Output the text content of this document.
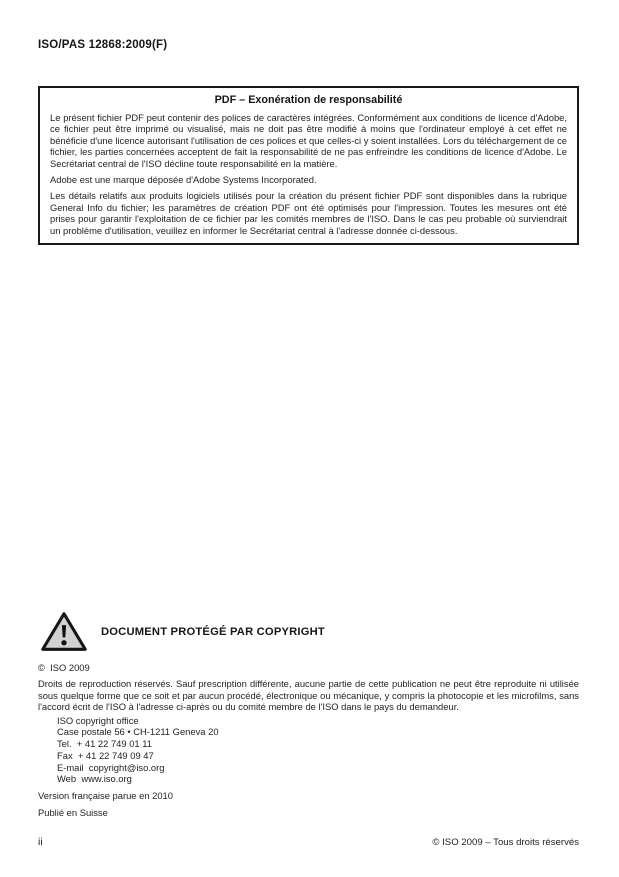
ISO/PAS 12868:2009(F)
PDF – Exonération de responsabilité

Le présent fichier PDF peut contenir des polices de caractères intégrées. Conformément aux conditions de licence d'Adobe, ce fichier peut être imprimé ou visualisé, mais ne doit pas être modifié à moins que l'ordinateur employé à cet effet ne bénéficie d'une licence autorisant l'utilisation de ces polices et que celles-ci y soient installées. Lors du téléchargement de ce fichier, les parties concernées acceptent de fait la responsabilité de ne pas enfreindre les conditions de licence d'Adobe. Le Secrétariat central de l'ISO décline toute responsabilité en la matière.

Adobe est une marque déposée d'Adobe Systems Incorporated.

Les détails relatifs aux produits logiciels utilisés pour la création du présent fichier PDF sont disponibles dans la rubrique General Info du fichier; les paramètres de création PDF ont été optimisés pour l'impression. Toutes les mesures ont été prises pour garantir l'exploitation de ce fichier par les comités membres de l'ISO. Dans le cas peu probable où surviendrait un problème d'utilisation, veuillez en informer le Secrétariat central à l'adresse donnée ci-dessous.

DOCUMENT PROTÉGÉ PAR COPYRIGHT
©  ISO 2009

Droits de reproduction réservés. Sauf prescription différente, aucune partie de cette publication ne peut être reproduite ni utilisée sous quelque forme que ce soit et par aucun procédé, électronique ou mécanique, y compris la photocopie et les microfilms, sans l'accord écrit de l'ISO à l'adresse ci-après ou du comité membre de l'ISO dans le pays du demandeur.

ISO copyright office
Case postale 56 • CH-1211 Geneva 20
Tel.  + 41 22 749 01 11
Fax  + 41 22 749 09 47
E-mail  copyright@iso.org
Web  www.iso.org
Version française parue en 2010
Publié en Suisse
ii	© ISO 2009 – Tous droits réservés
